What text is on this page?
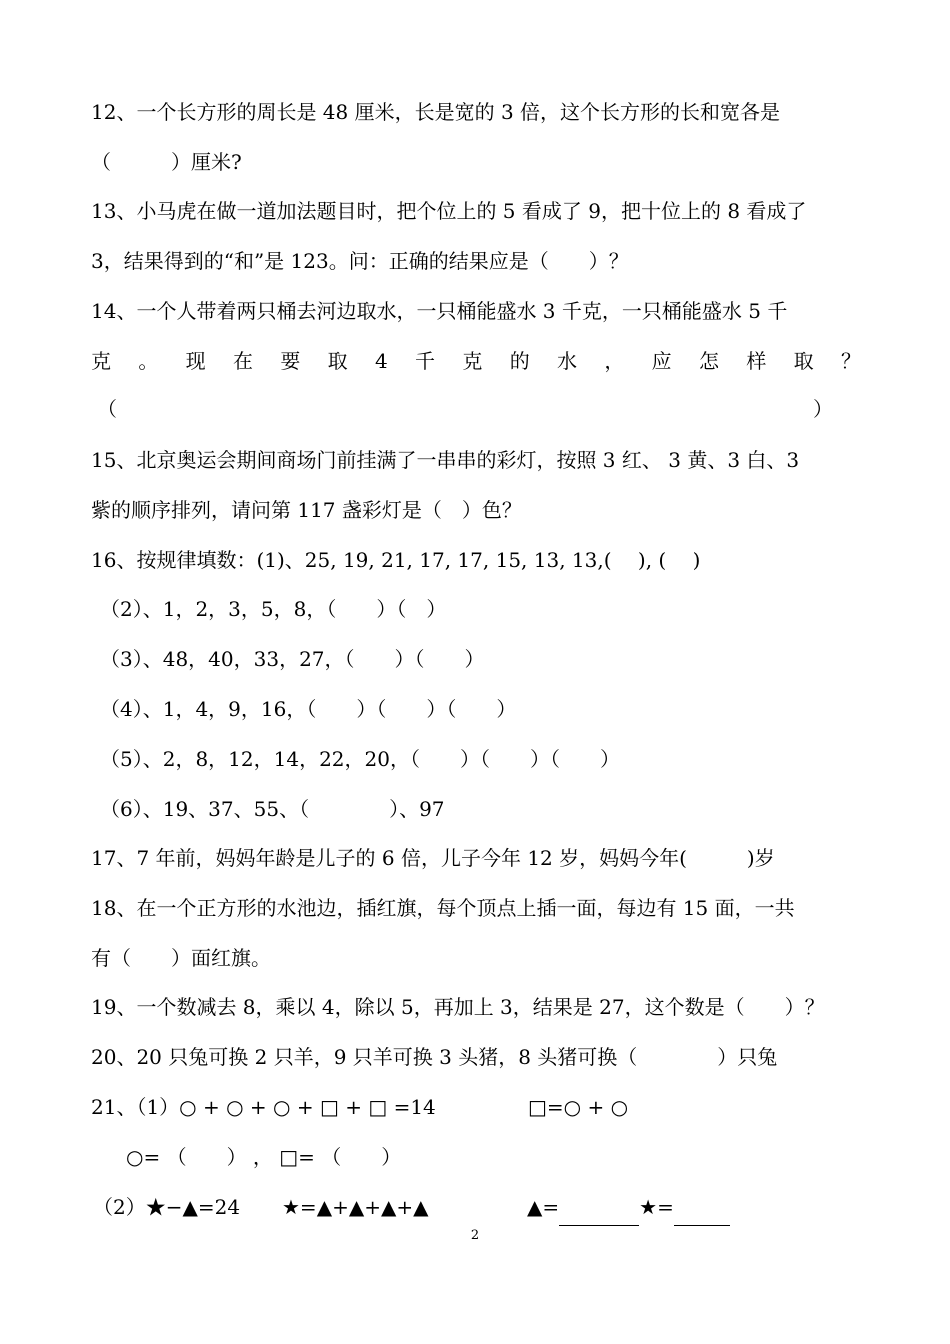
12、一个长方形的周长是 48 厘米，长是宽的 3 倍，这个长方形的长和宽各是
（　　　）厘米?
13、小马虎在做一道加法题目时，把个位上的 5 看成了 9，把十位上的 8 看成了
3，结果得到的“和”是 123。问：正确的结果应是（　　）？
14、一个人带着两只桶去河边取水，一只桶能盛水 3 千克，一只桶能盛水 5 千
克 。 现 在 要 取 4 千 克 的 水 ， 应 怎 样 取 ？
（	）
15、北京奥运会期间商场门前挂满了一串串的彩灯，按照 3 红、 3 黄、3 白、3
紫的顺序排列，请问第 117 盏彩灯是（　）色？
16、按规律填数：(1)、25, 19, 21, 17, 17, 15, 13, 13,(　 ), (　 )
（2）、1，2，3，5，8，（　　）（　）
（3）、48，40，33，27，（　　）（　　）
（4）、1，4，9，16，（　　）（　　）（　　）
（5）、2，8，12，14，22，20，（　　）（　　）（　　）
（6）、19、37、55、（　　　　）、97
17、7 年前，妈妈年龄是儿子的 6 倍，儿子今年 12 岁，妈妈今年(　　　)岁
18、在一个正方形的水池边，插红旗，每个顶点上插一面，每边有 15 面，一共
有（　　）面红旗。
19、一个数减去 8，乘以 4，除以 5，再加上 3，结果是 27，这个数是（　　）？
20、20 只兔可换 2 只羊，9 只羊可换 3 头猪，8 头猪可换（　　　　）只兔
21、（1）○ + ○ + ○ + □ + □ =14	□=○ + ○
○= （　　） ， □= （　　）
（2）★−▲=24 ★=▲+▲+▲+▲	▲=	★=
2
